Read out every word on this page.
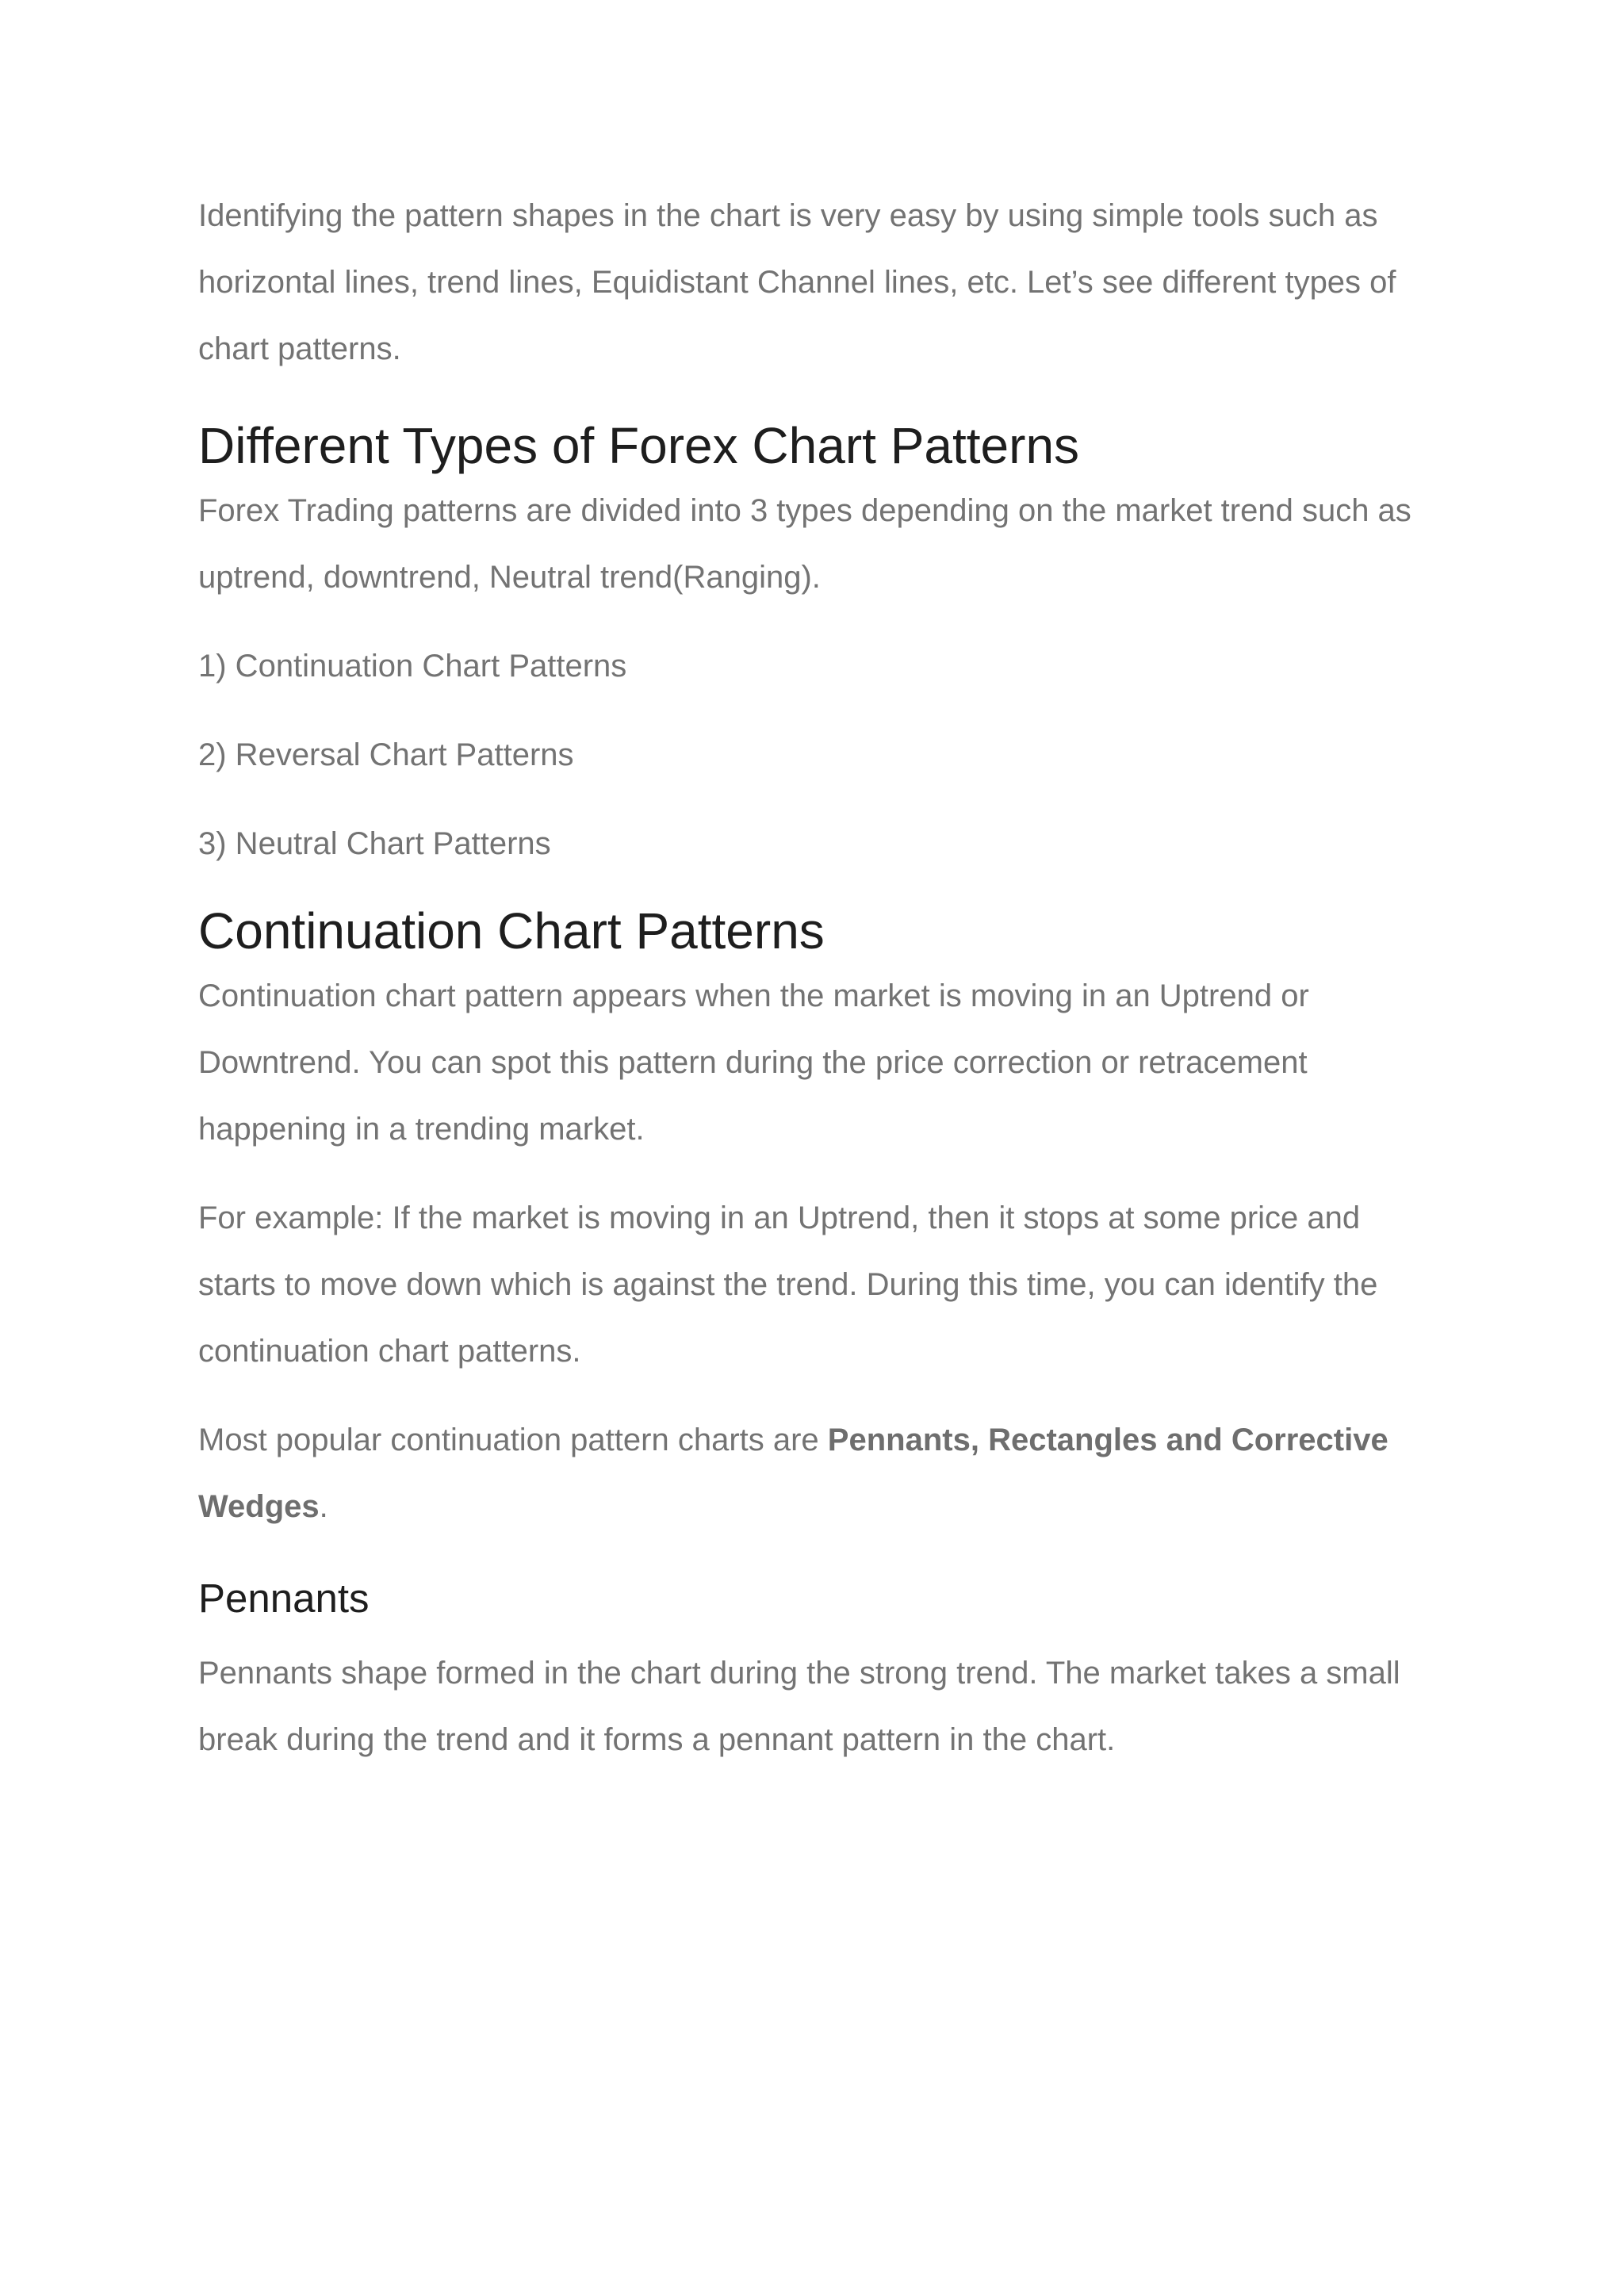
Identifying the pattern shapes in the chart is very easy by using simple tools such as horizontal lines, trend lines, Equidistant Channel lines, etc. Let’s see different types of chart patterns.

Different Types of Forex Chart Patterns

Forex Trading patterns are divided into 3 types depending on the market trend such as uptrend, downtrend, Neutral trend(Ranging).

1) Continuation Chart Patterns

2) Reversal Chart Patterns

3) Neutral Chart Patterns

Continuation Chart Patterns

Continuation chart pattern appears when the market is moving in an Uptrend or Downtrend. You can spot this pattern during the price correction or retracement happening in a trending market.

For example: If the market is moving in an Uptrend, then it stops at some price and starts to move down which is against the trend. During this time, you can identify the continuation chart patterns.

Most popular continuation pattern charts are Pennants, Rectangles and Corrective Wedges.

Pennants

Pennants shape formed in the chart during the strong trend. The market takes a small break during the trend and it forms a pennant pattern in the chart.
